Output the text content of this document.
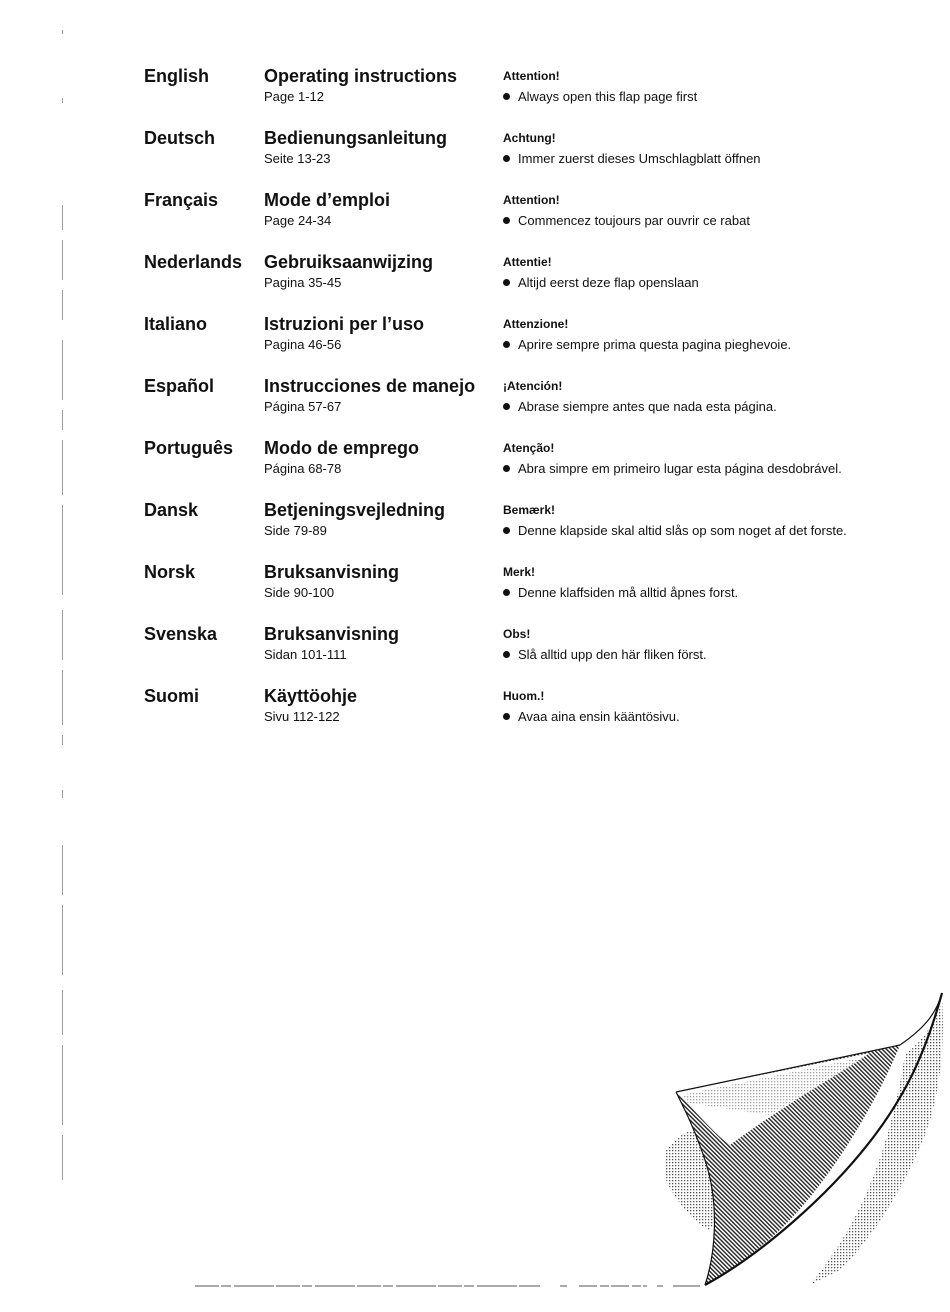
English	Operating instructions
Page 1-12
Attention!
Always open this flap page first
Deutsch	Bedienungsanleitung
Seite 13-23
Achtung!
Immer zuerst dieses Umschlagblatt öffnen
Français	Mode d’emploi
Page 24-34
Attention!
Commencez toujours par ouvrir ce rabat
Nederlands Gebruiksaanwijzing
Pagina 35-45
Attentie!
Altijd eerst deze flap openslaan
Italiano	Istruzioni per l’uso
Pagina 46-56
Attenzione!
Aprire sempre prima questa pagina pieghevoie.
Español	Instrucciones de manejo
Página 57-67
¡Atención!
Abrase siempre antes que nada esta página.
Português Modo de emprego
Página 68-78
Atenção!
Abra simpre em primeiro lugar esta página desdobrável.
Dansk	Betjeningsvejledning
Side 79-89
Bemærk!
Denne klapside skal altid slås op som noget af det forste.
Norsk	Bruksanvisning
Side 90-100
Merk!
Denne klaffsiden må alltid åpnes forst.
Svenska	Bruksanvisning
Sidan 101-111
Obs!
Slå alltid upp den här fliken först.
Suomi	Käyttöohje
Sivu 112-122
Huom.!
Avaa aina ensin kääntösivu.
